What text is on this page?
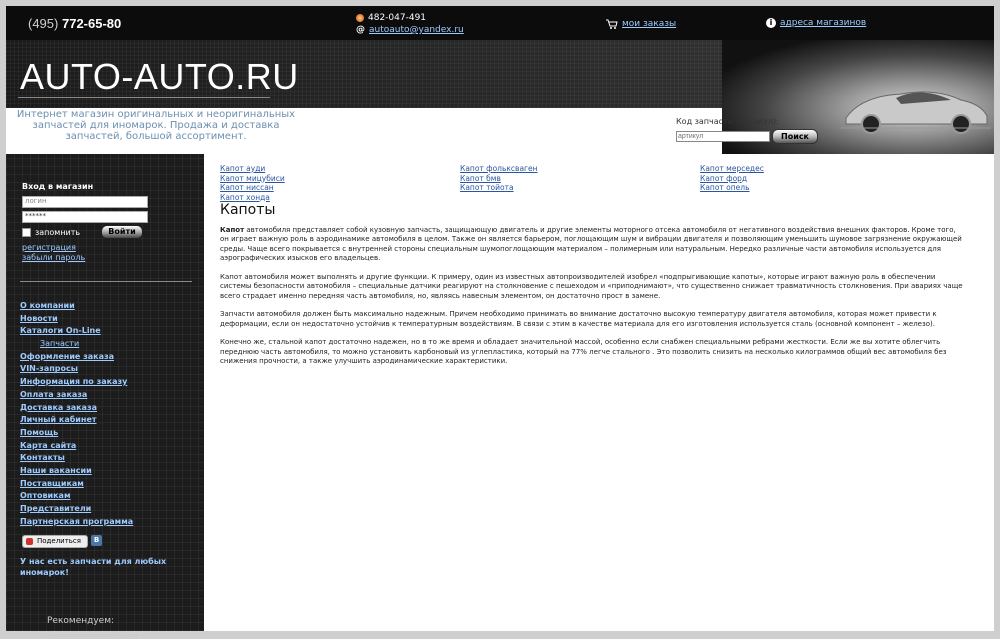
(495) 772-65-80	482-047-491
@ autoauto@yandex.ru
мои заказы	i адреса магазинов
AUTO-AUTO.RU
Интернет магазин оригинальных и неоригинальных запчастей для иномарок. Продажа и доставка запчастей, большой ассортимент.
Код запчасти (артикул):
артикул
Поиск
Вход в магазин
логин
******
запомнить	Войти
регистрация
забыли пароль
О компании
Новости
Каталоги On-Line
Запчасти
Оформление заказа
VIN-запросы
Информация по заказу
Оплата заказа
Доставка заказа
Личный кабинет
Помощь
Карта сайта
Контакты
Наши вакансии
Поставщикам
Оптовикам
Представители
Партнерская программа
Поделиться	В
У нас есть запчасти для любых иномарок!
Рекомендуем:
Аренда экскаваторов
Капот ауди
Капот мицубиси
Капот ниссан
Капот хонда
Капот фольксваген
Капот бмв
Капот тойота
Капот мерседес
Капот форд
Капот опель
Капоты

Капот автомобиля представляет собой кузовную запчасть, защищающую двигатель и другие элементы моторного отсека автомобиля от негативного воздействия внешних факторов. Кроме того, он играет важную роль в аэродинамике автомобиля в целом. Также он является барьером, поглощающим шум и вибрации двигателя и позволяющим уменьшить шумовое загрязнение окружающей среды. Чаще всего покрывается с внутренней стороны специальным шумопоглощающим материалом – полимерным или натуральным. Нередко различные части автомобиля используется для аэрографических изысков его владельцев.

Капот автомобиля может выполнять и другие функции. К примеру, один из известных автопроизводителей изобрел «подпрыгивающие капоты», которые играют важную роль в обеспечении системы безопасности автомобиля – специальные датчики реагируют на столкновение с пешеходом и «приподнимают», что существенно снижает травматичность столкновения. При авариях чаще всего страдает именно передняя часть автомобиля, но, являясь навесным элементом, он достаточно прост в замене.

Запчасти автомобиля должен быть максимально надежным. Причем необходимо принимать во внимание достаточно высокую температуру двигателя автомобиля, которая может привести к деформации, если он недостаточно устойчив к температурным воздействиям. В связи с этим в качестве материала для его изготовления используется сталь (основной компонент – железо).

Конечно же, стальной капот достаточно надежен, но в то же время и обладает значительной массой, особенно если снабжен специальными ребрами жесткости. Если же вы хотите облегчить переднюю часть автомобиля, то можно установить карбоновый из углепластика, который на 77% легче стального . Это позволить снизить на несколько килограммов общий вес автомобиля без снижения прочности, а также улучшить аэродинамические характеристики.
